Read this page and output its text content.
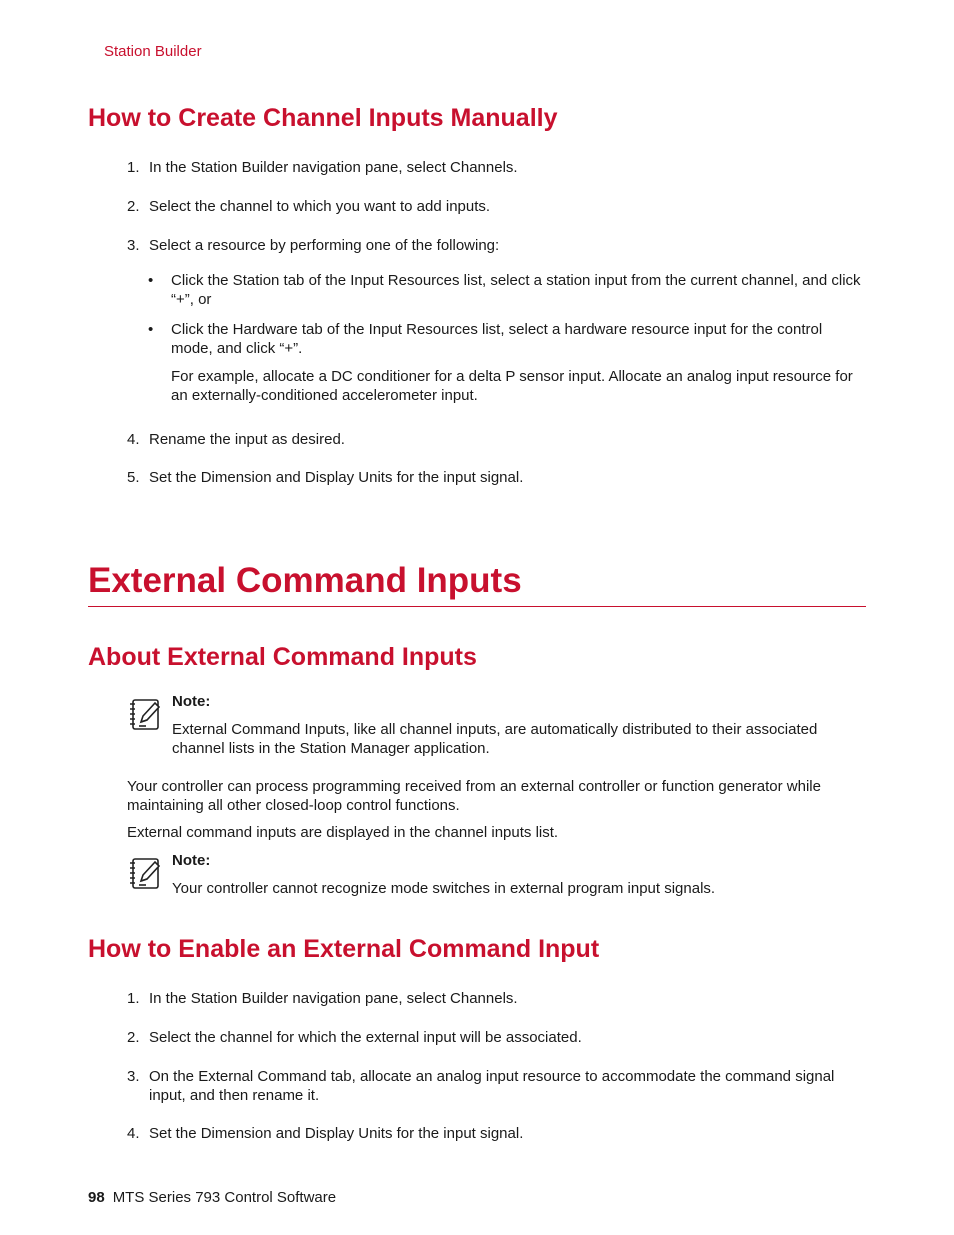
Station Builder
How to Create Channel Inputs Manually
1. In the Station Builder navigation pane, select Channels.
2. Select the channel to which you want to add inputs.
3. Select a resource by performing one of the following:
• Click the Station tab of the Input Resources list, select a station input from the current channel, and click “+”, or
• Click the Hardware tab of the Input Resources list, select a hardware resource input for the control mode, and click “+”.
For example, allocate a DC conditioner for a delta P sensor input. Allocate an analog input resource for an externally-conditioned accelerometer input.
4. Rename the input as desired.
5. Set the Dimension and Display Units for the input signal.
External Command Inputs
About External Command Inputs
Note:
External Command Inputs, like all channel inputs, are automatically distributed to their associated channel lists in the Station Manager application.
Your controller can process programming received from an external controller or function generator while maintaining all other closed-loop control functions.
External command inputs are displayed in the channel inputs list.
Note:
Your controller cannot recognize mode switches in external program input signals.
How to Enable an External Command Input
1. In the Station Builder navigation pane, select Channels.
2. Select the channel for which the external input will be associated.
3. On the External Command tab, allocate an analog input resource to accommodate the command signal input, and then rename it.
4. Set the Dimension and Display Units for the input signal.
98 MTS Series 793 Control Software
